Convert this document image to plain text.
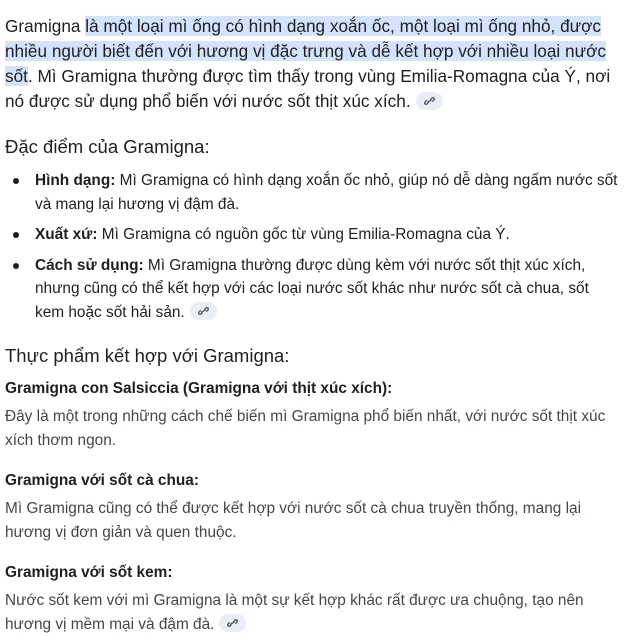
Gramigna là một loại mì ống có hình dạng xoắn ốc, một loại mì ống nhỏ, được nhiều người biết đến với hương vị đặc trưng và dễ kết hợp với nhiều loại nước sốt. Mì Gramigna thường được tìm thấy trong vùng Emilia-Romagna của Ý, nơi nó được sử dụng phổ biến với nước sốt thịt xúc xích.

Đặc điểm của Gramigna:
Hình dạng: Mì Gramigna có hình dạng xoắn ốc nhỏ, giúp nó dễ dàng ngấm nước sốt và mang lại hương vị đậm đà.
Xuất xứ: Mì Gramigna có nguồn gốc từ vùng Emilia-Romagna của Ý.
Cách sử dụng: Mì Gramigna thường được dùng kèm với nước sốt thịt xúc xích, nhưng cũng có thể kết hợp với các loại nước sốt khác như nước sốt cà chua, sốt kem hoặc sốt hải sản.
Thực phẩm kết hợp với Gramigna:
Gramigna con Salsiccia (Gramigna với thịt xúc xích):

Đây là một trong những cách chế biến mì Gramigna phổ biến nhất, với nước sốt thịt xúc xích thơm ngon.

Gramigna với sốt cà chua:

Mì Gramigna cũng có thể được kết hợp với nước sốt cà chua truyền thống, mang lại hương vị đơn giản và quen thuộc.

Gramigna với sốt kem:

Nước sốt kem với mì Gramigna là một sự kết hợp khác rất được ưa chuộng, tạo nên hương vị mềm mại và đậm đà.
